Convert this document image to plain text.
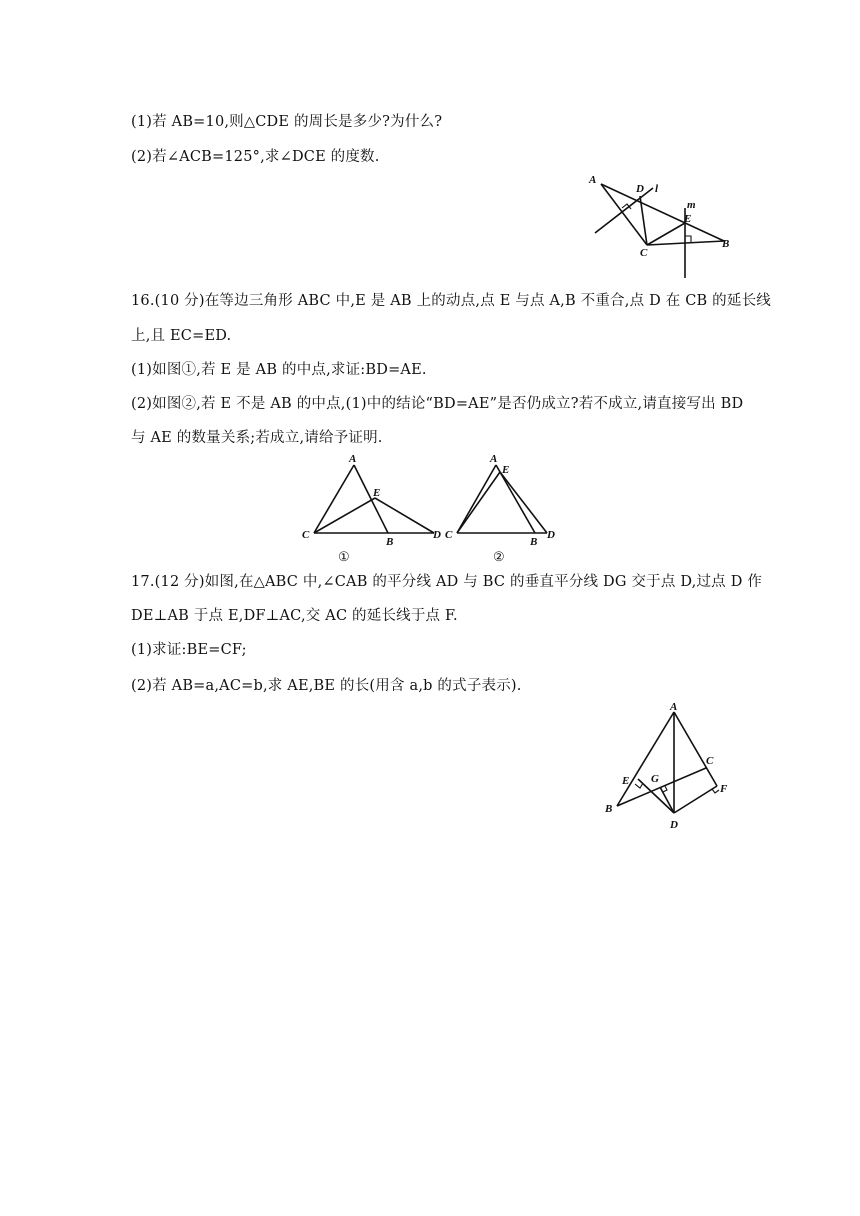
(1)若 AB=10,则△CDE 的周长是多少?为什么?
(2)若∠ACB=125°,求∠DCE 的度数.
A
D l
m
E
C
B
16.(10 分)在等边三角形 ABC 中,E 是 AB 上的动点,点 E 与点 A,B 不重合,点 D 在 CB 的延长线
上,且 EC=ED.
(1)如图①,若 E 是 AB 的中点,求证:BD=AE.
(2)如图②,若 E 不是 AB 的中点,(1)中的结论“BD=AE”是否仍成立?若不成立,请直接写出 BD
与 AE 的数量关系;若成立,请给予证明.
A
E
C
B
D
A
E
C
B
D
①	②
17.(12 分)如图,在△ABC 中,∠CAB 的平分线 AD 与 BC 的垂直平分线 DG 交于点 D,过点 D 作
DE⊥AB 于点 E,DF⊥AC,交 AC 的延长线于点 F.
(1)求证:BE=CF;
(2)若 AB=a,AC=b,求 AE,BE 的长(用含 a,b 的式子表示).
A
C
E G
F
B
D
